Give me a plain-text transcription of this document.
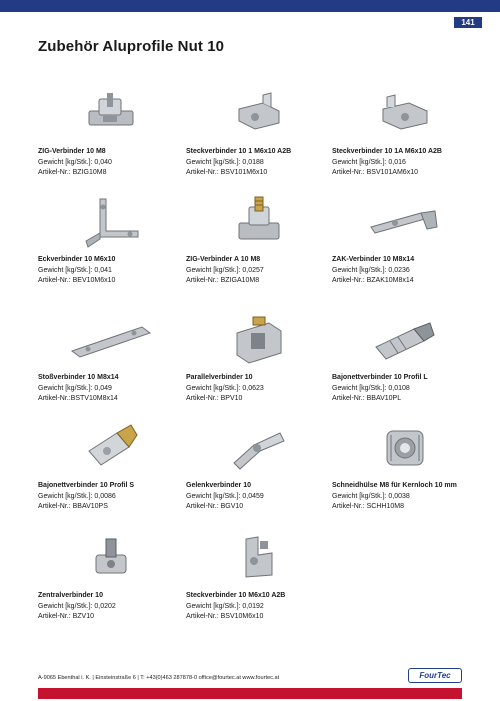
141
Zubehör Aluprofile Nut 10
ZIG-Verbinder 10 M8
Gewicht [kg/Stk.]: 0,040
Artikel-Nr.: BZIG10M8
Steckverbinder 10 1 M6x10 A2B
Gewicht [kg/Stk.]: 0,0188
Artikel-Nr.: BSV101M6x10
Steckverbinder 10 1A M6x10 A2B
Gewicht [kg/Stk.]: 0,016
Artikel-Nr.: BSV101AM6x10
Eckverbinder 10 M6x10
Gewicht [kg/Stk.]: 0,041
Artikel-Nr.: BEV10M6x10
ZIG-Verbinder A 10 M8
Gewicht [kg/Stk.]: 0,0257
Artikel-Nr.: BZIGA10M8
ZAK-Verbinder 10 M8x14
Gewicht [kg/Stk.]: 0,0236
Artikel-Nr.: BZAK10M8x14
Stoßverbinder 10 M8x14
Gewicht [kg/Stk.]: 0,049
Artikel-Nr.:BSTV10M8x14
Parallelverbinder 10
Gewicht [kg/Stk.]: 0,0623
Artikel-Nr.: BPV10
Bajonettverbinder 10 Profil L
Gewicht [kg/Stk.]: 0,0108
Artikel-Nr.: BBAV10PL
Bajonettverbinder 10 Profil S
Gewicht [kg/Stk.]: 0,0086
Artikel-Nr.: BBAV10PS
Gelenkverbinder 10
Gewicht [kg/Stk.]: 0,0459
Artikel-Nr.: BGV10
Schneidhülse M8 für Kernloch 10 mm
Gewicht [kg/Stk.]: 0,0038
Artikel-Nr.: SCHH10M8
Zentralverbinder 10
Gewicht [kg/Stk.]: 0,0202
Artikel-Nr.: BZV10
Steckverbinder 10 M6x10 A2B
Gewicht [kg/Stk.]: 0,0192
Artikel-Nr.: BSV10M6x10
A-9065 Ebenthal i. K. | Einsteinstraße 6 | T: +43(0)463 287878-0 office@fourtec.at www.fourtec.at	FourTec
